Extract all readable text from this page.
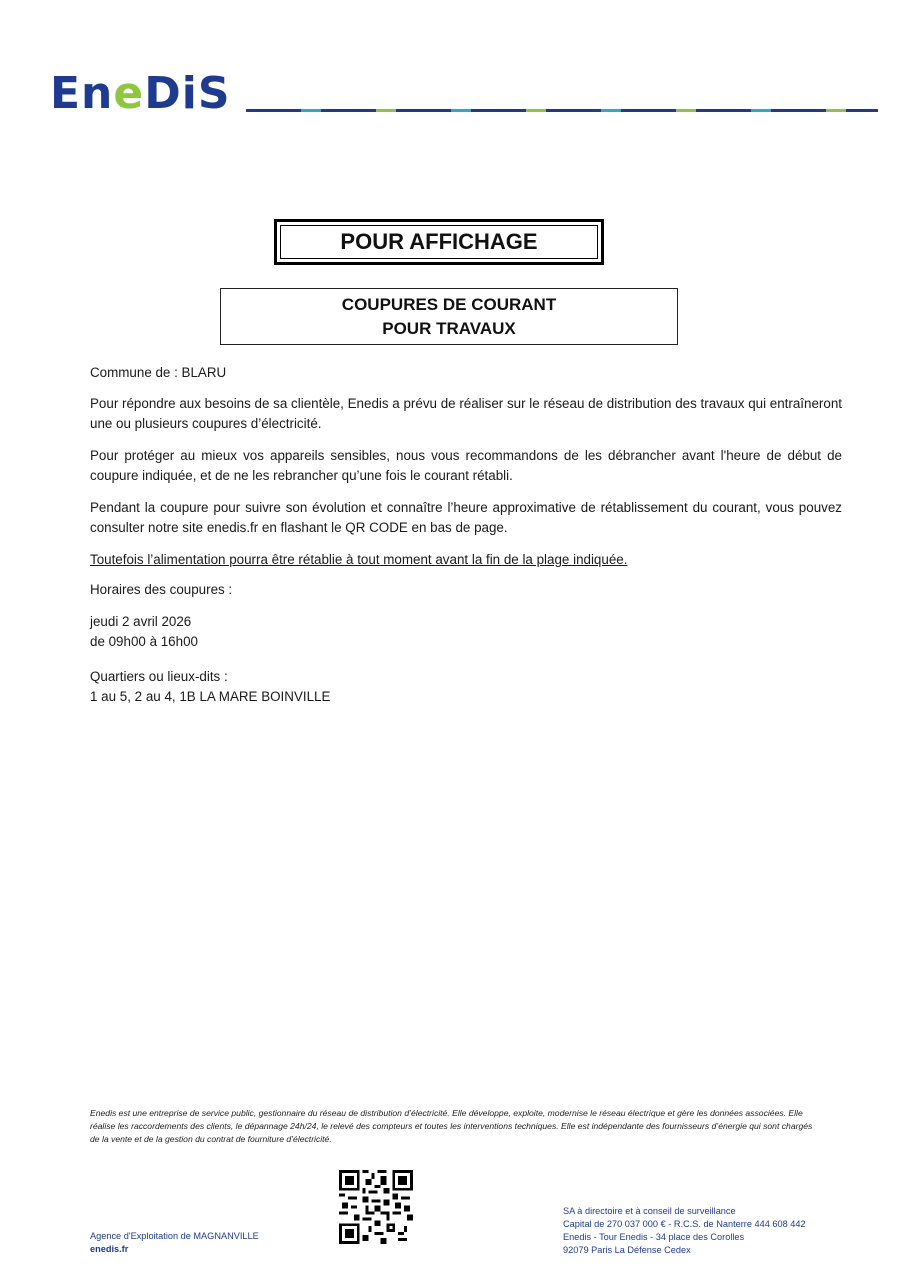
EneDiS
POUR AFFICHAGE
COUPURES DE COURANT
POUR TRAVAUX

Commune de : BLARU

Pour répondre aux besoins de sa clientèle, Enedis a prévu de réaliser sur le réseau de distribution des travaux qui entraîneront une ou plusieurs coupures d’électricité.

Pour protéger au mieux vos appareils sensibles, nous vous recommandons de les débrancher avant l'heure de début de coupure indiquée, et de ne les rebrancher qu’une fois le courant rétabli.

Pendant la coupure pour suivre son évolution et connaître l’heure approximative de rétablissement du courant, vous pouvez consulter notre site enedis.fr en flashant le QR CODE en bas de page.

Toutefois l’alimentation pourra être rétablie à tout moment avant la fin de la plage indiquée.

Horaires des coupures :

jeudi 2 avril 2026
de 09h00 à 16h00
Quartiers ou lieux-dits :
1 au 5, 2 au 4, 1B LA MARE BOINVILLE
Enedis est une entreprise de service public, gestionnaire du réseau de distribution d’électricité. Elle développe, exploite, modernise le réseau électrique et gère les données associées. Elle réalise les raccordements des clients, le dépannage 24h/24, le relevé des compteurs et toutes les interventions techniques. Elle est indépendante des fournisseurs d’énergie qui sont chargés de la vente et de la gestion du contrat de fourniture d’électricité.
Agence d'Exploitation de MAGNANVILLE
enedis.fr
SA à directoire et à conseil de surveillance
Capital de 270 037 000 € - R.C.S. de Nanterre 444 608 442
Enedis - Tour Enedis - 34 place des Corolles
92079 Paris La Défense Cedex
